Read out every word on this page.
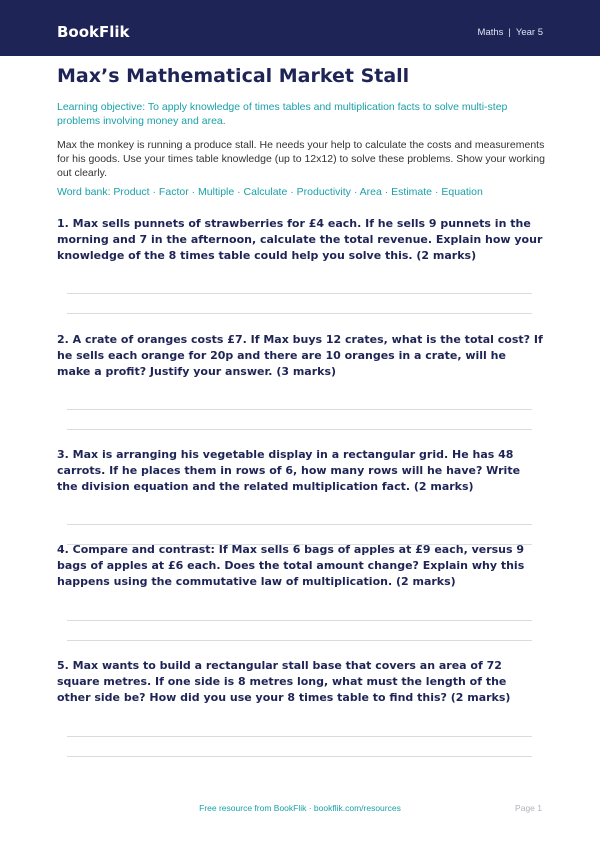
BookFlik	Maths | Year 5
Max’s Mathematical Market Stall

Learning objective: To apply knowledge of times tables and multiplication facts to solve multi-step problems involving money and area.

Max the monkey is running a produce stall. He needs your help to calculate the costs and measurements for his goods. Use your times table knowledge (up to 12x12) to solve these problems. Show your working out clearly.

Word bank: Product · Factor · Multiple · Calculate · Productivity · Area · Estimate · Equation

1. Max sells punnets of strawberries for £4 each. If he sells 9 punnets in the morning and 7 in the afternoon, calculate the total revenue. Explain how your knowledge of the 8 times table could help you solve this. (2 marks)

2. A crate of oranges costs £7. If Max buys 12 crates, what is the total cost? If he sells each orange for 20p and there are 10 oranges in a crate, will he make a profit? Justify your answer. (3 marks)

3. Max is arranging his vegetable display in a rectangular grid. He has 48 carrots. If he places them in rows of 6, how many rows will he have? Write the division equation and the related multiplication fact. (2 marks)

4. Compare and contrast: If Max sells 6 bags of apples at £9 each, versus 9 bags of apples at £6 each. Does the total amount change? Explain why this happens using the commutative law of multiplication. (2 marks)

5. Max wants to build a rectangular stall base that covers an area of 72 square metres. If one side is 8 metres long, what must the length of the other side be? How did you use your 8 times table to find this? (2 marks)

Free resource from BookFlik · bookflik.com/resources	Page 1
